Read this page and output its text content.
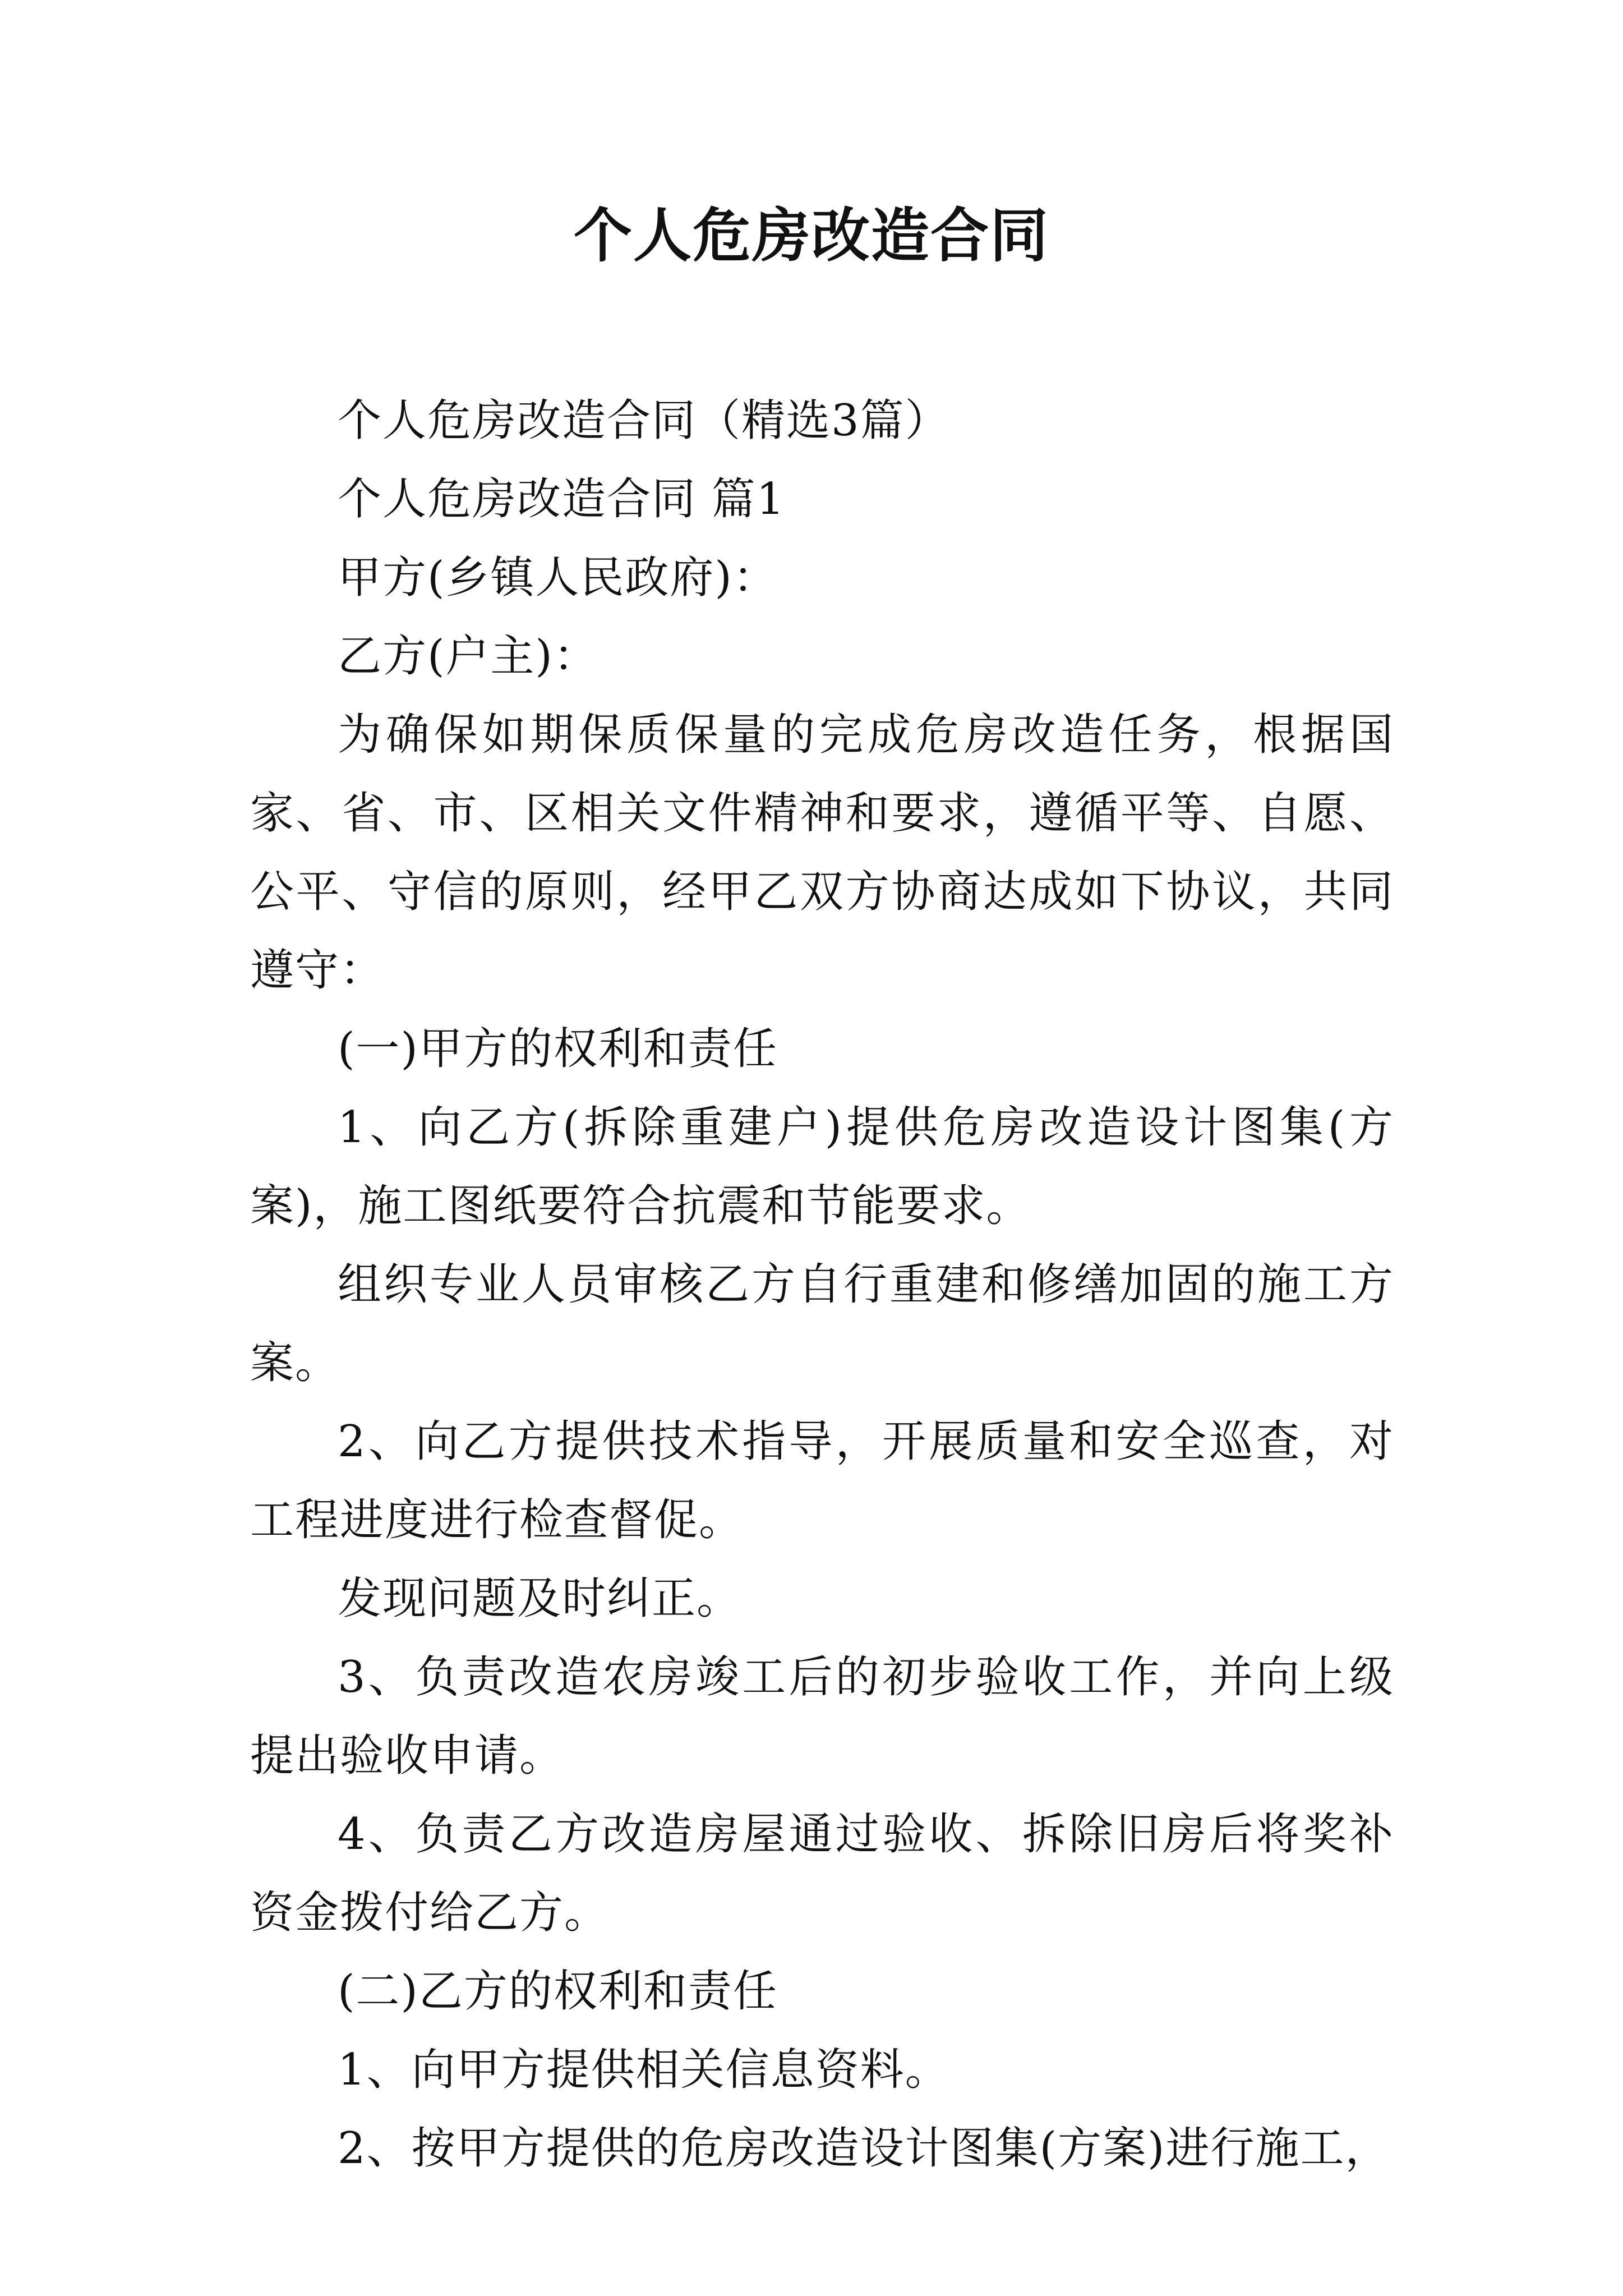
个人危房改造合同

个人危房改造合同（精选3篇）

个人危房改造合同 篇1

甲方(乡镇人民政府)：

乙方(户主)：

为确保如期保质保量的完成危房改造任务，根据国家、省、市、区相关文件精神和要求，遵循平等、自愿、公平、守信的原则，经甲乙双方协商达成如下协议，共同遵守：

(一)甲方的权利和责任

1、向乙方(拆除重建户)提供危房改造设计图集(方案)，施工图纸要符合抗震和节能要求。

组织专业人员审核乙方自行重建和修缮加固的施工方案。

2、向乙方提供技术指导，开展质量和安全巡查，对工程进度进行检查督促。

发现问题及时纠正。

3、负责改造农房竣工后的初步验收工作，并向上级提出验收申请。

4、负责乙方改造房屋通过验收、拆除旧房后将奖补资金拨付给乙方。

(二)乙方的权利和责任

1、向甲方提供相关信息资料。

2、按甲方提供的危房改造设计图集(方案)进行施工，
